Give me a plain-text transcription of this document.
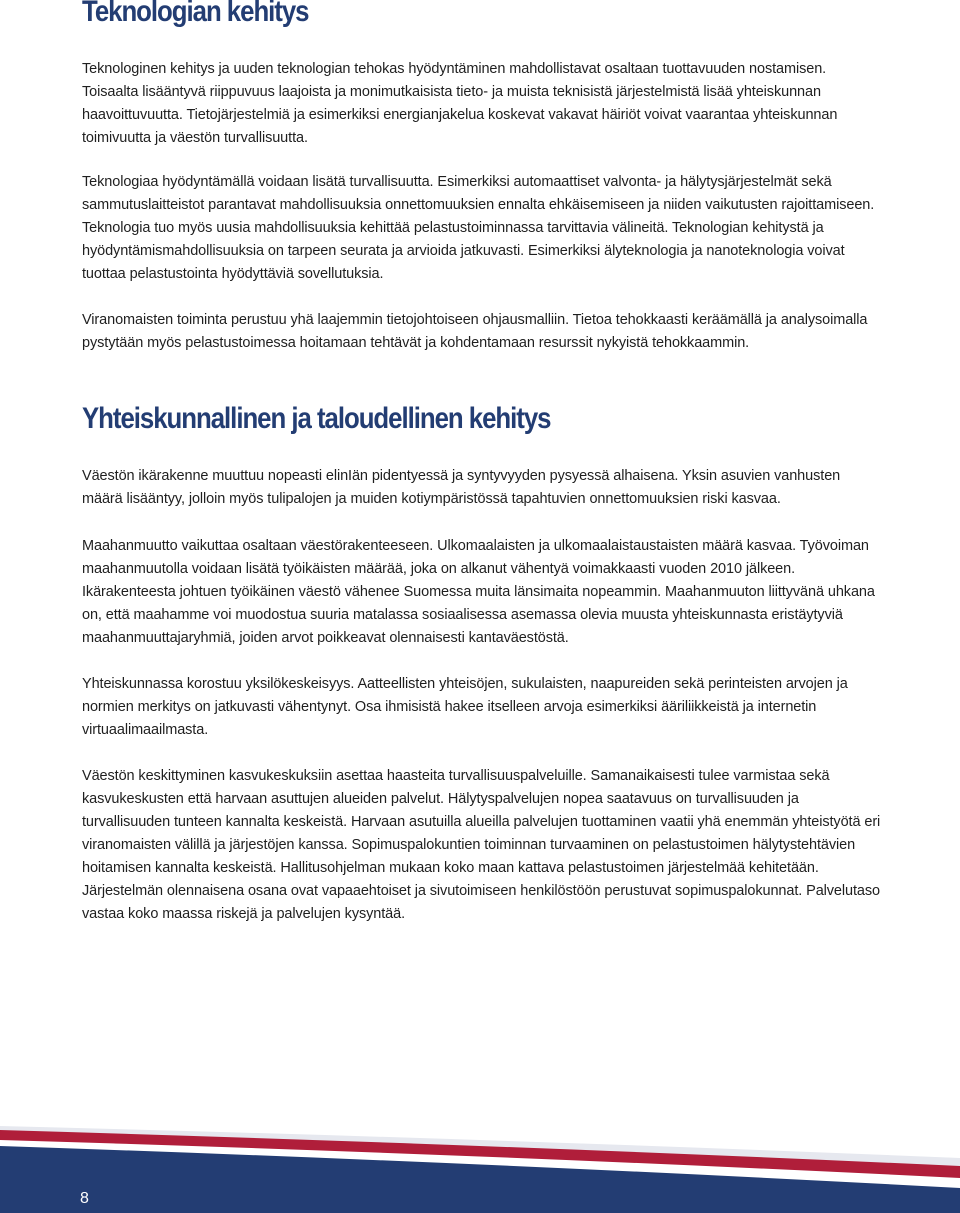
Teknologian kehitys

Teknologinen kehitys ja uuden teknologian tehokas hyödyntäminen mahdollistavat osaltaan tuottavuuden nostamisen. Toisaalta lisääntyvä riippuvuus laajoista ja monimutkaisista tieto- ja muista teknisistä järjestelmistä lisää yhteiskunnan haavoittuvuutta. Tietojärjestelmiä ja esimerkiksi energianjakelua koskevat vakavat häiriöt voivat vaarantaa yhteiskunnan toimivuutta ja väestön turvallisuutta.

Teknologiaa hyödyntämällä voidaan lisätä turvallisuutta. Esimerkiksi automaattiset valvonta- ja hälytysjärjestelmät sekä sammutuslaitteistot parantavat mahdollisuuksia onnettomuuksien ennalta ehkäisemiseen ja niiden vaikutusten rajoittamiseen. Teknologia tuo myös uusia mahdollisuuksia kehittää pelastustoiminnassa tarvittavia välineitä. Teknologian kehitystä ja hyödyntämismahdollisuuksia on tarpeen seurata ja arvioida jatkuvasti. Esimerkiksi älyteknologia ja nanoteknologia voivat tuottaa pelastustointa hyödyttäviä sovellutuksia.

Viranomaisten toiminta perustuu yhä laajemmin tietojohtoiseen ohjausmalliin. Tietoa tehokkaasti keräämällä ja analysoimalla pystytään myös pelastustoimessa hoitamaan tehtävät ja kohdentamaan resurssit nykyistä tehokkaammin.

Yhteiskunnallinen ja taloudellinen kehitys

Väestön ikärakenne muuttuu nopeasti elinIän pidentyessä ja syntyvyyden pysyessä alhaisena. Yksin asuvien vanhusten määrä lisääntyy, jolloin myös tulipalojen ja muiden kotiympäristössä tapahtuvien onnettomuuksien riski kasvaa.

Maahanmuutto vaikuttaa osaltaan väestörakenteeseen. Ulkomaalaisten ja ulkomaalaistaustaisten määrä kasvaa. Työvoiman maahanmuutolla voidaan lisätä työikäisten määrää, joka on alkanut vähentyä voimakkaasti vuoden 2010 jälkeen. Ikärakenteesta johtuen työikäinen väestö vähenee Suomessa muita länsimaita nopeammin. Maahanmuuton liittyvänä uhkana on, että maahamme voi muodostua suuria matalassa sosiaalisessa asemassa olevia muusta yhteiskunnasta eristäytyviä maahanmuuttajaryhmiä, joiden arvot poikkeavat olennaisesti kantaväestöstä.

Yhteiskunnassa korostuu yksilökeskeisyys. Aatteellisten yhteisöjen, sukulaisten, naapureiden sekä perinteisten arvojen ja normien merkitys on jatkuvasti vähentynyt. Osa ihmisistä hakee itselleen arvoja esimerkiksi ääriliikkeistä ja internetin virtuaalimaailmasta.

Väestön keskittyminen kasvukeskuksiin asettaa haasteita turvallisuuspalveluille. Samanaikaisesti tulee varmistaa sekä kasvukeskusten että harvaan asuttujen alueiden palvelut. Hälytyspalvelujen nopea saatavuus on turvallisuuden ja turvallisuuden tunteen kannalta keskeistä. Harvaan asutuilla alueilla palvelujen tuottaminen vaatii yhä enemmän yhteistyötä eri viranomaisten välillä ja järjestöjen kanssa. Sopimuspalokuntien toiminnan turvaaminen on pelastustoimen hälytystehtävien hoitamisen kannalta keskeistä. Hallitusohjelman mukaan koko maan kattava pelastustoimen järjestelmää kehitetään. Järjestelmän olennaisena osana ovat vapaaehtoiset ja sivutoimiseen henkilöstöön perustuvat sopimuspalokunnat. Palvelutaso vastaa koko maassa riskejä ja palvelujen kysyntää.

8
